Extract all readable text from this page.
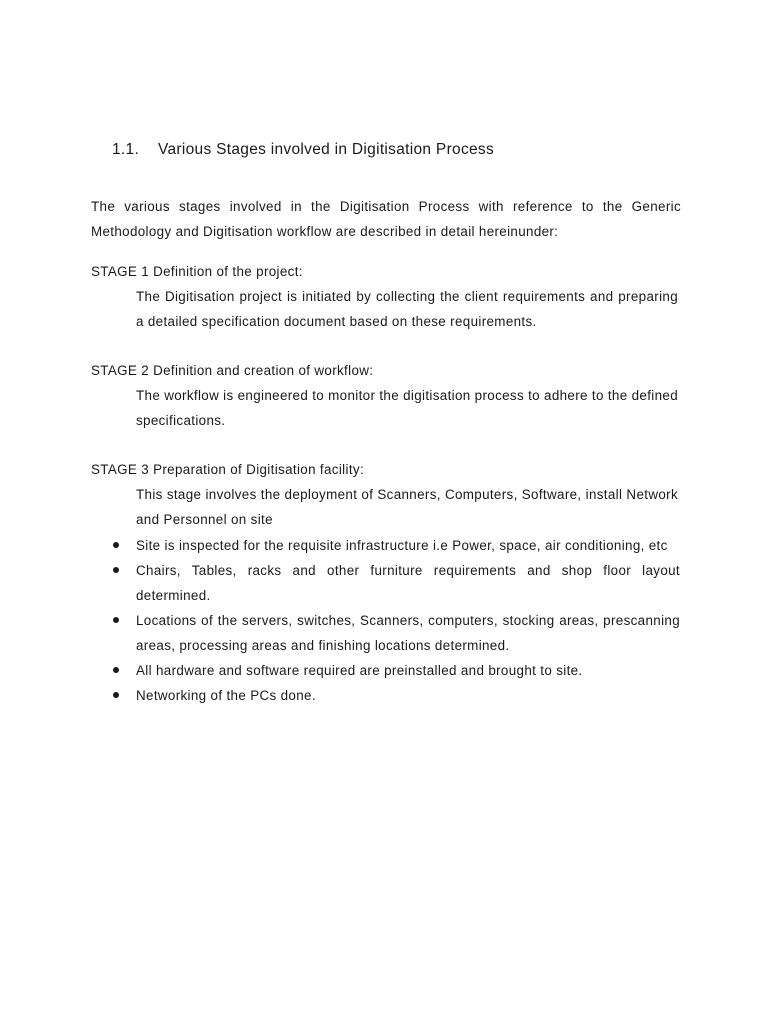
1.1. Various Stages involved in Digitisation Process
The various stages involved in the Digitisation Process with reference to the Generic Methodology and Digitisation workflow are described in detail hereinunder:
STAGE 1 Definition of the project:
The Digitisation project is initiated by collecting the client requirements and preparing a detailed specification document based on these requirements.
STAGE 2 Definition and creation of workflow:
The workflow is engineered to monitor the digitisation process to adhere to the defined specifications.
STAGE 3 Preparation of Digitisation facility:
This stage involves the deployment of Scanners, Computers, Software, install Network and Personnel on site
Site is inspected for the requisite infrastructure i.e Power, space, air conditioning, etc
Chairs, Tables, racks and other furniture requirements and shop floor layout determined.
Locations of the servers, switches, Scanners, computers, stocking areas, prescanning areas, processing areas and finishing locations determined.
All hardware and software required are preinstalled and brought to site.
Networking of the PCs done.
